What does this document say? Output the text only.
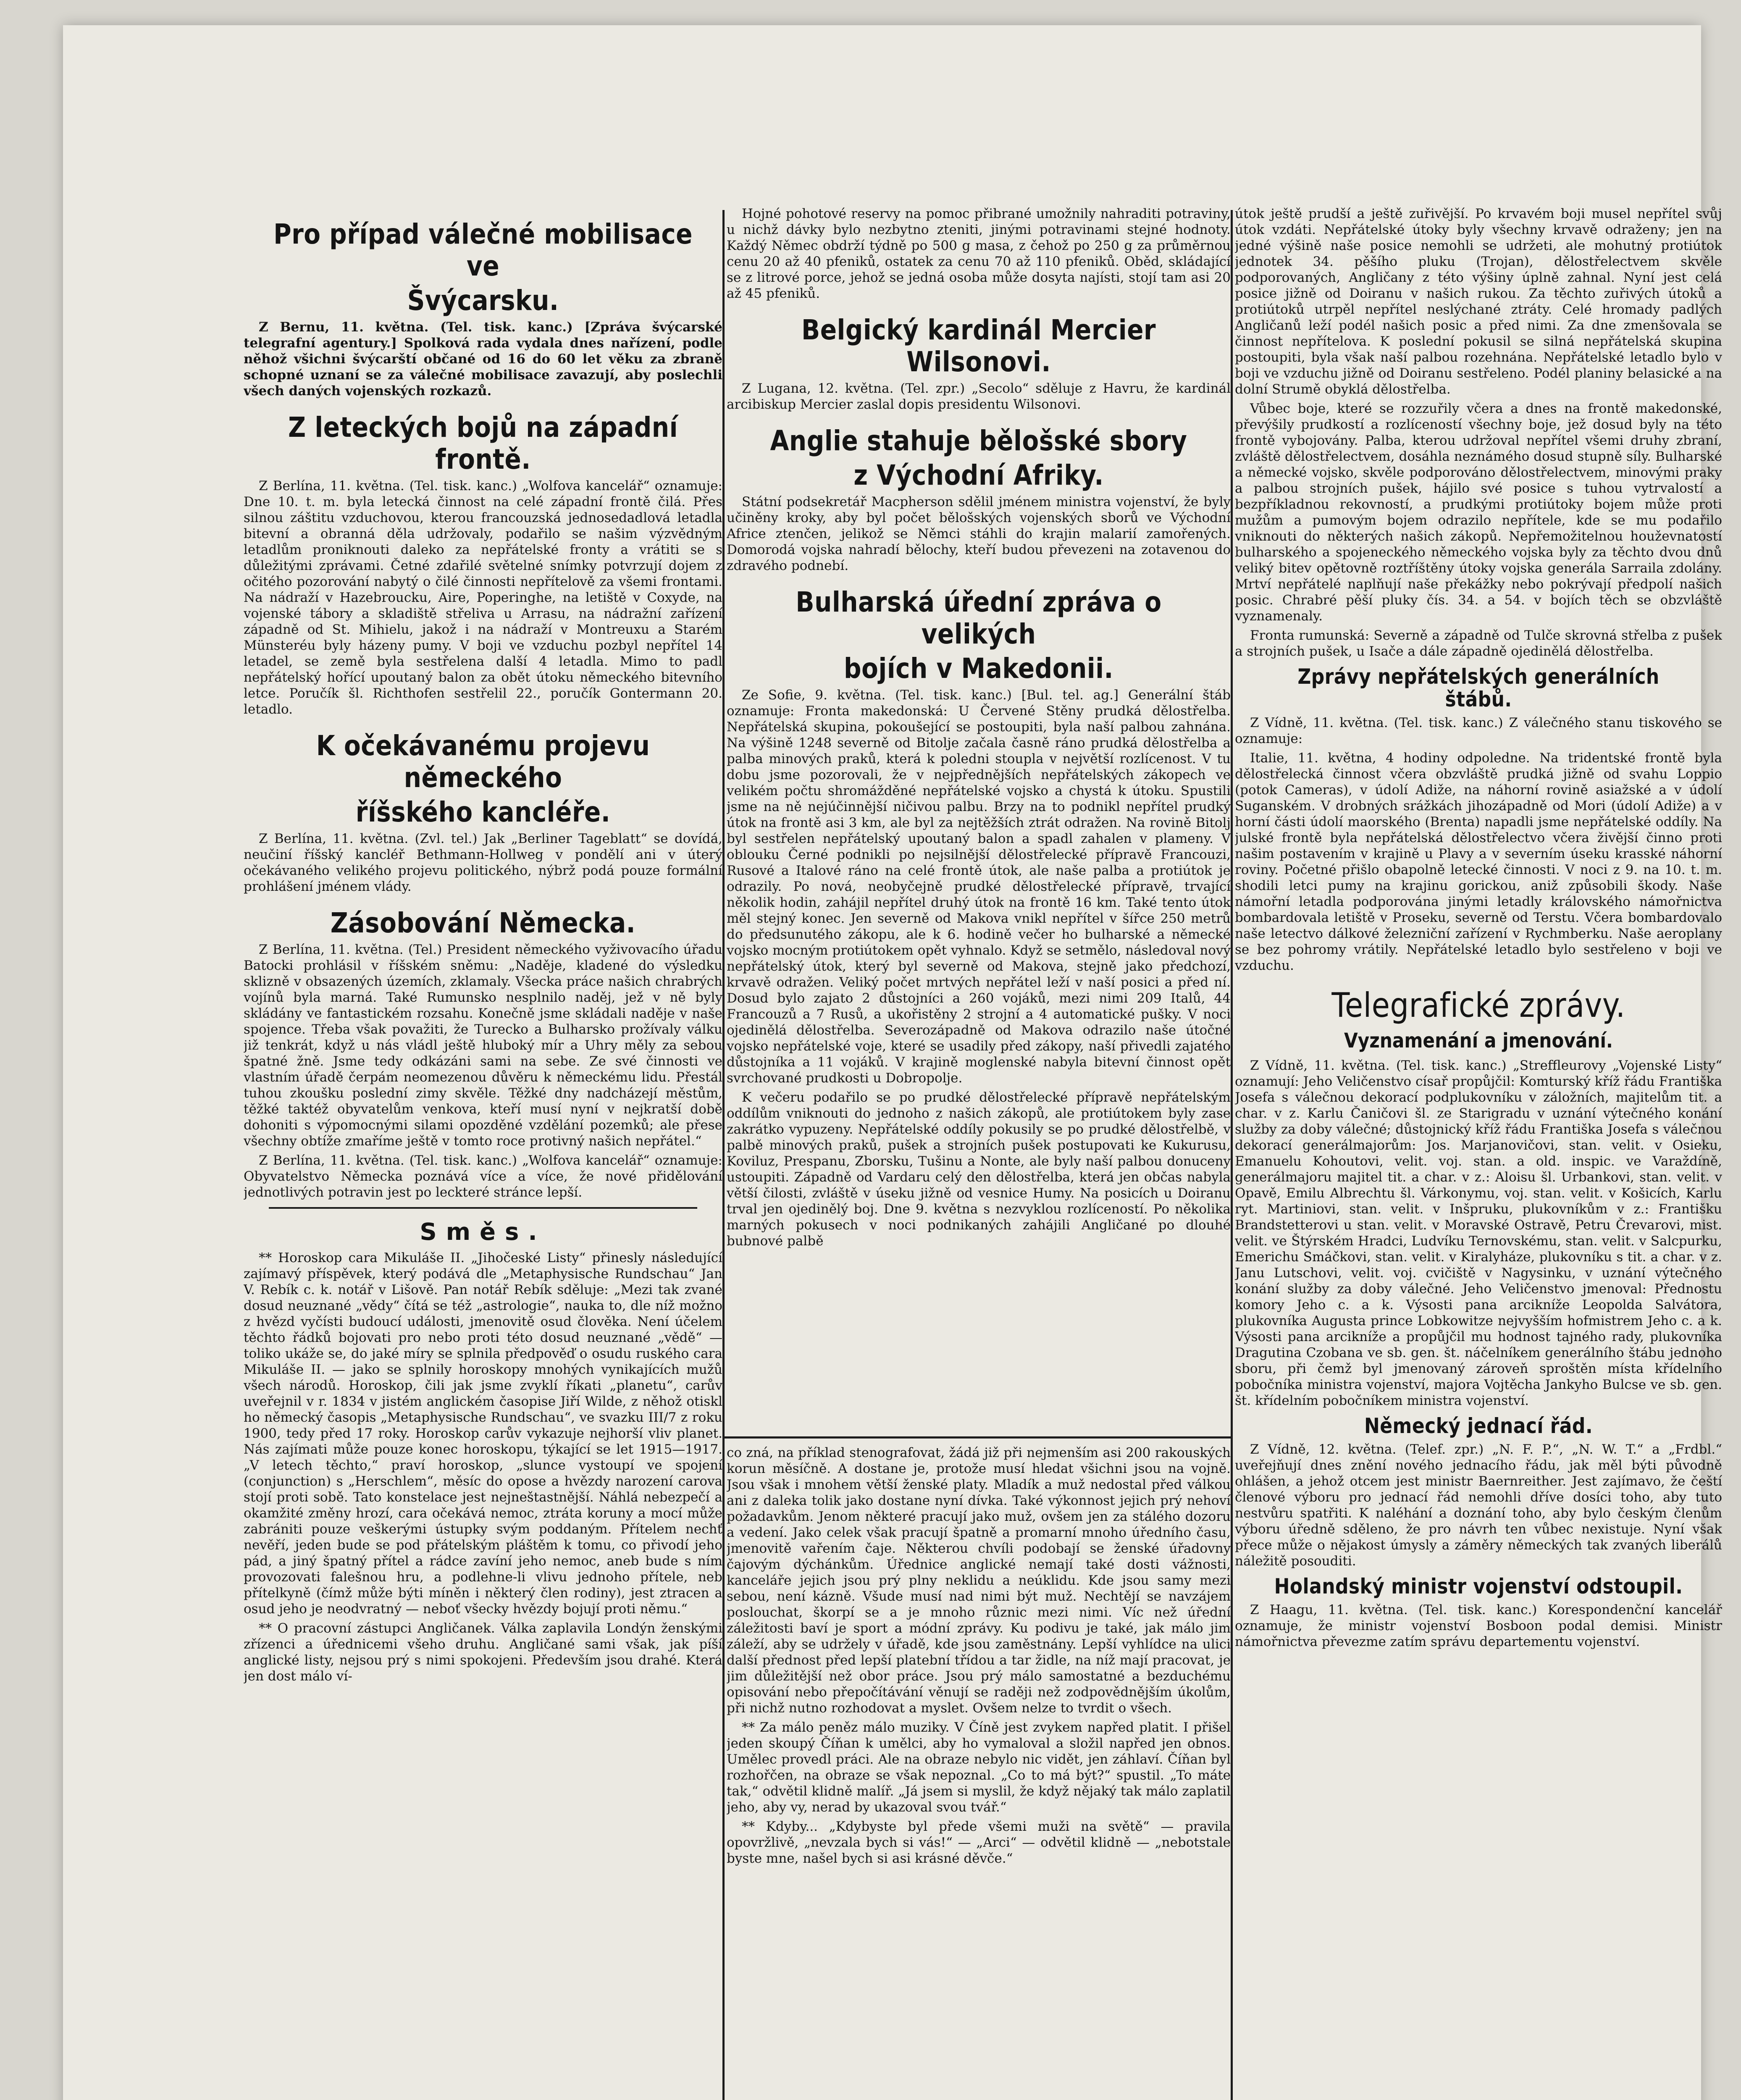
Pro případ válečné mobilisace ve
Švýcarsku.

Z Bernu, 11. května. (Tel. tisk. kanc.) [Zpráva švýcarské telegrafní agentury.] Spolková rada vydala dnes nařízení, podle něhož všichni švýcarští občané od 16 do 60 let věku za zbraně schopné uznaní se za válečné mobilisace zavazují, aby poslechli všech daných vojenských rozkazů.

Z leteckých bojů na západní frontě.

Z Berlína, 11. května. (Tel. tisk. kanc.) „Wolfova kancelář“ oznamuje: Dne 10. t. m. byla letecká činnost na celé západní frontě čilá. Přes silnou záštitu vzduchovou, kterou francouzská jednosedadlová letadla bitevní a obranná děla udržovaly, podařilo se našim výzvědným letadlům proniknouti daleko za nepřátelské fronty a vrátiti se s důležitými zprávami. Četné zdařilé světelné snímky potvrzují dojem z očitého pozorování nabytý o čilé činnosti nepřítelově za všemi frontami. Na nádraží v Hazebroucku, Aire, Poperinghe, na letiště v Coxyde, na vojenské tábory a skladiště střeliva u Arrasu, na nádražní zařízení západně od St. Mihielu, jakož i na nádraží v Montreuxu a Starém Münsteréu byly házeny pumy. V boji ve vzduchu pozbyl nepřítel 14 letadel, se země byla sestřelena další 4 letadla. Mimo to padl nepřátelský hořící upoutaný balon za obět útoku německého bitevního letce. Poručík šl. Richthofen sestřelil 22., poručík Gontermann 20. letadlo.

K očekávanému projevu německého
říšského kancléře.

Z Berlína, 11. května. (Zvl. tel.) Jak „Berliner Tageblatt“ se dovídá, neučiní říšský kancléř Bethmann-Hollweg v pondělí ani v úterý očekávaného velikého projevu politického, nýbrž podá pouze formální prohlášení jménem vlády.

Zásobování Německa.

Z Berlína, 11. května. (Tel.) President německého vyživovacího úřadu Batocki prohlásil v říšském sněmu: „Naděje, kladené do výsledku sklizně v obsazených územích, zklamaly. Všecka práce našich chrabrých vojínů byla marná. Také Rumunsko nesplnilo naděj, jež v ně byly skládány ve fantastickém rozsahu. Konečně jsme skládali naděje v naše spojence. Třeba však považiti, že Turecko a Bulharsko prožívaly válku již tenkrát, když u nás vládl ještě hluboký mír a Uhry měly za sebou špatné žně. Jsme tedy odkázáni sami na sebe. Ze své činnosti ve vlastním úřadě čerpám neomezenou důvěru k německému lidu. Přestál tuhou zkoušku poslední zimy skvěle. Těžké dny nadcházejí městům, těžké taktéž obyvatelům venkova, kteří musí nyní v nejkratší době dohoniti s výpomocnými silami opozděné vzdělání pozemků; ale přese všechny obtíže zmaříme ještě v tomto roce protivný našich nepřátel.“

Z Berlína, 11. května. (Tel. tisk. kanc.) „Wolfova kancelář“ oznamuje: Obyvatelstvo Německa poznává více a více, že nové přidělování jednotlivých potravin jest po leckteré stránce lepší.

Směs.

** Horoskop cara Mikuláše II. „Jihočeské Listy“ přinesly následující zajímavý příspěvek, který podává dle „Metaphysische Rundschau“ Jan V. Rebík c. k. notář v Lišově. Pan notář Rebík sděluje: „Mezi tak zvané dosud neuznané „vědy“ čítá se též „astrologie“, nauka to, dle níž možno z hvězd vyčísti budoucí události, jmenovitě osud člověka. Není účelem těchto řádků bojovati pro nebo proti této dosud neuznané „vědě“ — toliko ukáže se, do jaké míry se splnila předpověď o osudu ruského cara Mikuláše II. — jako se splnily horoskopy mnohých vynikajících mužů všech národů. Horoskop, čili jak jsme zvyklí říkati „planetu“, carův uveřejnil v r. 1834 v jistém anglickém časopise Jiří Wilde, z něhož otiskl ho německý časopis „Metaphysische Rundschau“, ve svazku III/7 z roku 1900, tedy před 17 roky. Horoskop carův vykazuje nejhorší vliv planet. Nás zajímati může pouze konec horoskopu, týkající se let 1915—1917. „V letech těchto,“ praví horoskop, „slunce vystoupí ve spojení (conjunction) s „Herschlem“, měsíc do opose a hvězdy narození carova stojí proti sobě. Tato konstelace jest nejneštastnější. Náhlá nebezpečí a okamžité změny hrozí, cara očekává nemoc, ztráta koruny a mocí může zabrániti pouze veškerými ústupky svým poddaným. Přítelem nechť nevěří, jeden bude se pod přátelským pláštěm k tomu, co přivodí jeho pád, a jiný špatný přítel a rádce zavíní jeho nemoc, aneb bude s ním provozovati falešnou hru, a podlehne-li vlivu jednoho přítele, neb přítelkyně (čímž může býti míněn i některý člen rodiny), jest ztracen a osud jeho je neodvratný — neboť všecky hvězdy bojují proti němu.“

** O pracovní zástupci Angličanek. Válka zaplavila Londýn ženskými zřízenci a úřednicemi všeho druhu. Angličané sami však, jak píší anglické listy, nejsou prý s nimi spokojeni. Především jsou drahé. Která jen dost málo ví-

Hojné pohotové reservy na pomoc přibrané umožnily nahraditi potraviny, u nichž dávky bylo nezbytno zteniti, jinými potravinami stejné hodnoty. Každý Němec obdrží týdně po 500 g masa, z čehož po 250 g za průměrnou cenu 20 až 40 pfeniků, ostatek za cenu 70 až 110 pfeniků. Oběd, skládající se z litrové porce, jehož se jedná osoba může dosyta najísti, stojí tam asi 20 až 45 pfeniků.

Belgický kardinál Mercier Wilsonovi.

Z Lugana, 12. května. (Tel. zpr.) „Secolo“ sděluje z Havru, že kardinál arcibiskup Mercier zaslal dopis presidentu Wilsonovi.

Anglie stahuje bělošské sbory
z Východní Afriky.

Státní podsekretář Macpherson sdělil jménem ministra vojenství, že byly učiněny kroky, aby byl počet bělošských vojenských sborů ve Východní Africe ztenčen, jelikož se Němci stáhli do krajin malarií zamořených. Domorodá vojska nahradí bělochy, kteří budou převezeni na zotavenou do zdravého podnebí.

Bulharská úřední zpráva o velikých
bojích v Makedonii.

Ze Sofie, 9. května. (Tel. tisk. kanc.) [Bul. tel. ag.] Generální štáb oznamuje: Fronta makedonská: U Červené Stěny prudká dělostřelba. Nepřátelská skupina, pokoušející se postoupiti, byla naší palbou zahnána. Na výšině 1248 severně od Bitolje začala časně ráno prudká dělostřelba a palba minových praků, která k poledni stoupla v největší rozlícenost. V tu dobu jsme pozorovali, že v nejpřednějších nepřátelských zákopech ve velikém počtu shromážděné nepřátelské vojsko a chystá k útoku. Spustili jsme na ně nejúčinnější ničivou palbu. Brzy na to podnikl nepřítel prudký útok na frontě asi 3 km, ale byl za nejtěžších ztrát odražen. Na rovině Bitolj byl sestřelen nepřátelský upoutaný balon a spadl zahalen v plameny. V oblouku Černé podnikli po nejsilnější dělostřelecké přípravě Francouzi, Rusové a Italové ráno na celé frontě útok, ale naše palba a protiútok je odrazily. Po nová, neobyčejně prudké dělostřelecké přípravě, trvající několik hodin, zahájil nepřítel druhý útok na frontě 16 km. Také tento útok měl stejný konec. Jen severně od Makova vnikl nepřítel v šířce 250 metrů do předsunutého zákopu, ale k 6. hodině večer ho bulharské a německé vojsko mocným protiútokem opět vyhnalo. Když se setmělo, následoval nový nepřátelský útok, který byl severně od Makova, stejně jako předchozí, krvavě odražen. Veliký počet mrtvých nepřátel leží v naší posici a před ní. Dosud bylo zajato 2 důstojníci a 260 vojáků, mezi nimi 209 Italů, 44 Francouzů a 7 Rusů, a ukořistěny 2 strojní a 4 automatické pušky. V noci ojedinělá dělostřelba. Severozápadně od Makova odrazilo naše útočné vojsko nepřátelské voje, které se usadily před zákopy, naší přivedli zajatého důstojníka a 11 vojáků. V krajině moglenské nabyla bitevní činnost opět svrchované prudkosti u Dobropolje.

K večeru podařilo se po prudké dělostřelecké přípravě nepřátelským oddílům vniknouti do jednoho z našich zákopů, ale protiútokem byly zase zakrátko vypuzeny. Nepřátelské oddíly pokusily se po prudké dělostřelbě, v palbě minových praků, pušek a strojních pušek postupovati ke Kukurusu, Koviluz, Prespanu, Zborsku, Tušinu a Nonte, ale byly naší palbou donuceny ustoupiti. Západně od Vardaru celý den dělostřelba, která jen občas nabyla větší čilosti, zvláště v úseku jižně od vesnice Humy. Na posicích u Doiranu trval jen ojedinělý boj. Dne 9. května s nezvyklou rozlíceností. Po několika marných pokusech v noci podnikaných zahájili Angličané po dlouhé bubnové palbě

co zná, na příklad stenografovat, žádá již při nejmenším asi 200 rakouských korun měsíčně. A dostane je, protože musí hledat všichni jsou na vojně. Jsou však i mnohem větší ženské platy. Mladík a muž nedostal před válkou ani z daleka tolik jako dostane nyní dívka. Také výkonnost jejich prý nehoví požadavkům. Jenom některé pracují jako muž, ovšem jen za stálého dozoru a vedení. Jako celek však pracují špatně a promarní mnoho úředního času, jmenovitě vařením čaje. Některou chvíli podobají se ženské úřadovny čajovým dýchánkům. Úřednice anglické nemají také dosti vážnosti, kanceláře jejich jsou prý plny neklidu a neúklidu. Kde jsou samy mezi sebou, není kázně. Všude musí nad nimi být muž. Nechtějí se navzájem poslouchat, škorpí se a je mnoho různic mezi nimi. Víc než úřední záležitosti baví je sport a módní zprávy. Ku podivu je také, jak málo jim záleží, aby se udržely v úřadě, kde jsou zaměstnány. Lepší vyhlídce na ulici další přednost před lepší platební třídou a tar židle, na níž mají pracovat, je jim důležitější než obor práce. Jsou prý málo samostatné a bezduchému opisování nebo přepočítávání věnují se raději než zodpovědnějším úkolům, při nichž nutno rozhodovat a myslet. Ovšem nelze to tvrdit o všech.

** Za málo peněz málo muziky. V Číně jest zvykem napřed platit. I přišel jeden skoupý Číňan k umělci, aby ho vymaloval a složil napřed jen obnos. Umělec provedl práci. Ale na obraze nebylo nic vidět, jen záhlaví. Číňan byl rozhořčen, na obraze se však nepoznal. „Co to má být?“ spustil. „To máte tak,“ odvětil klidně malíř. „Já jsem si myslil, že když nějaký tak málo zaplatil jeho, aby vy, nerad by ukazoval svou tvář.“

** Kdyby... „Kdybyste byl přede všemi muži na světě“ — pravila opovržlivě, „nevzala bych si vás!“ — „Arci“ — odvětil klidně — „nebotstale byste mne, našel bych si asi krásné děvče.“

útok ještě prudší a ještě zuřivější. Po krvavém boji musel nepřítel svůj útok vzdáti. Nepřátelské útoky byly všechny krvavě odraženy; jen na jedné výšině naše posice nemohli se udržeti, ale mohutný protiútok jednotek 34. pěšího pluku (Trojan), dělostřelectvem skvěle podporovaných, Angličany z této výšiny úplně zahnal. Nyní jest celá posice jižně od Doiranu v našich rukou. Za těchto zuřivých útoků a protiútoků utrpěl nepřítel neslýchané ztráty. Celé hromady padlých Angličanů leží podél našich posic a před nimi. Za dne zmenšovala se činnost nepřítelova. K poslední pokusil se silná nepřátelská skupina postoupiti, byla však naší palbou rozehnána. Nepřátelské letadlo bylo v boji ve vzduchu jižně od Doiranu sestřeleno. Podél planiny belasické a na dolní Strumě obyklá dělostřelba.

Vůbec boje, které se rozzuřily včera a dnes na frontě makedonské, převýšily prudkostí a rozlíceností všechny boje, jež dosud byly na této frontě vybojovány. Palba, kterou udržoval nepřítel všemi druhy zbraní, zvláště dělostřelectvem, dosáhla neznámého dosud stupně síly. Bulharské a německé vojsko, skvěle podporováno dělostřelectvem, minovými praky a palbou strojních pušek, hájilo své posice s tuhou vytrvalostí a bezpříkladnou rekovností, a prudkými protiútoky bojem může proti mužům a pumovým bojem odrazilo nepřítele, kde se mu podařilo vniknouti do některých našich zákopů. Nepřemožitelnou houževnatostí bulharského a spojeneckého německého vojska byly za těchto dvou dnů veliký bitev opětovně roztříštěny útoky vojska generála Sarraila zdolány. Mrtví nepřátelé naplňují naše překážky nebo pokrývají předpolí našich posic. Chrabré pěší pluky čís. 34. a 54. v bojích těch se obzvláště vyznamenaly.

Fronta rumunská: Severně a západně od Tulče skrovná střelba z pušek a strojních pušek, u Isače a dále západně ojedinělá dělostřelba.

Zprávy nepřátelských generálních štábů.

Z Vídně, 11. května. (Tel. tisk. kanc.) Z válečného stanu tiskového se oznamuje:

Italie, 11. května, 4 hodiny odpoledne. Na tridentské frontě byla dělostřelecká činnost včera obzvláště prudká jižně od svahu Loppio (potok Cameras), v údolí Adiže, na náhorní rovině asiažské a v údolí Suganském. V drobných srážkách jihozápadně od Mori (údolí Adiže) a v horní části údolí maorského (Brenta) napadli jsme nepřátelské oddíly. Na julské frontě byla nepřátelská dělostřelectvo včera živější činno proti našim postavením v krajině u Plavy a v severním úseku krasské náhorní roviny. Početné přišlo obapolně letecké činnosti. V noci z 9. na 10. t. m. shodili letci pumy na krajinu gorickou, aniž způsobili škody. Naše námořní letadla podporována jinými letadly královského námořnictva bombardovala letiště v Proseku, severně od Terstu. Včera bombardovalo naše letectvo dálkové železniční zařízení v Rychmberku. Naše aeroplany se bez pohromy vrátily. Nepřátelské letadlo bylo sestřeleno v boji ve vzduchu.

Telegrafické zprávy.
Vyznamenání a jmenování.

Z Vídně, 11. května. (Tel. tisk. kanc.) „Streffleurovy „Vojenské Listy“ oznamují: Jeho Veličenstvo císař propůjčil: Komturský kříž řádu Františka Josefa s válečnou dekorací podplukovníku v záložních, majitelům tit. a char. v z. Karlu Čaničovi šl. ze Starigradu v uznání výtečného konání služby za doby válečné; důstojnický kříž řádu Františka Josefa s válečnou dekorací generálmajorům: Jos. Marjanovičovi, stan. velit. v Osieku, Emanuelu Kohoutovi, velit. voj. stan. a old. inspic. ve Varaždíně, generálmajoru majitel tit. a char. v z.: Aloisu šl. Urbankovi, stan. velit. v Opavě, Emilu Albrechtu šl. Várkonymu, voj. stan. velit. v Košicích, Karlu ryt. Martiniovi, stan. velit. v Inšpruku, plukovníkům v z.: Františku Brandstetterovi u stan. velit. v Moravské Ostravě, Petru Črevarovi, mist. velit. ve Štýrském Hradci, Ludvíku Ternovskému, stan. velit. v Salcpurku, Emerichu Smáčkovi, stan. velit. v Kiralyháze, plukovníku s tit. a char. v z. Janu Lutschovi, velit. voj. cvičiště v Nagysinku, v uznání výtečného konání služby za doby válečné. Jeho Veličenstvo jmenoval: Přednostu komory Jeho c. a k. Výsosti pana arcikníže Leopolda Salvátora, plukovníka Augusta prince Lobkowitze nejvyšším hofmistrem Jeho c. a k. Výsosti pana arcikníže a propůjčil mu hodnost tajného rady, plukovníka Dragutina Czobana ve sb. gen. št. náčelníkem generálního štábu jednoho sboru, při čemž byl jmenovaný zároveň sproštěn místa křídelního pobočníka ministra vojenství, majora Vojtěcha Jankyho Bulcse ve sb. gen. št. křídelním pobočníkem ministra vojenství.

Německý jednací řád.

Z Vídně, 12. května. (Telef. zpr.) „N. F. P.“, „N. W. T.“ a „Frdbl.“ uveřejňují dnes znění nového jednacího řádu, jak měl býti původně ohlášen, a jehož otcem jest ministr Baernreither. Jest zajímavo, že čeští členové výboru pro jednací řád nemohli dříve dosíci toho, aby tuto nestvůru spatřiti. K naléhání a doznání toho, aby bylo českým členům výboru úředně sděleno, že pro návrh ten vůbec nexistuje. Nyní však přece může o nějakost úmysly a záměry německých tak zvaných liberálů náležitě posouditi.

Holandský ministr vojenství odstoupil.

Z Haagu, 11. května. (Tel. tisk. kanc.) Korespondenční kancelář oznamuje, že ministr vojenství Bosboon podal demisi. Ministr námořnictva převezme zatím správu departementu vojenství.
